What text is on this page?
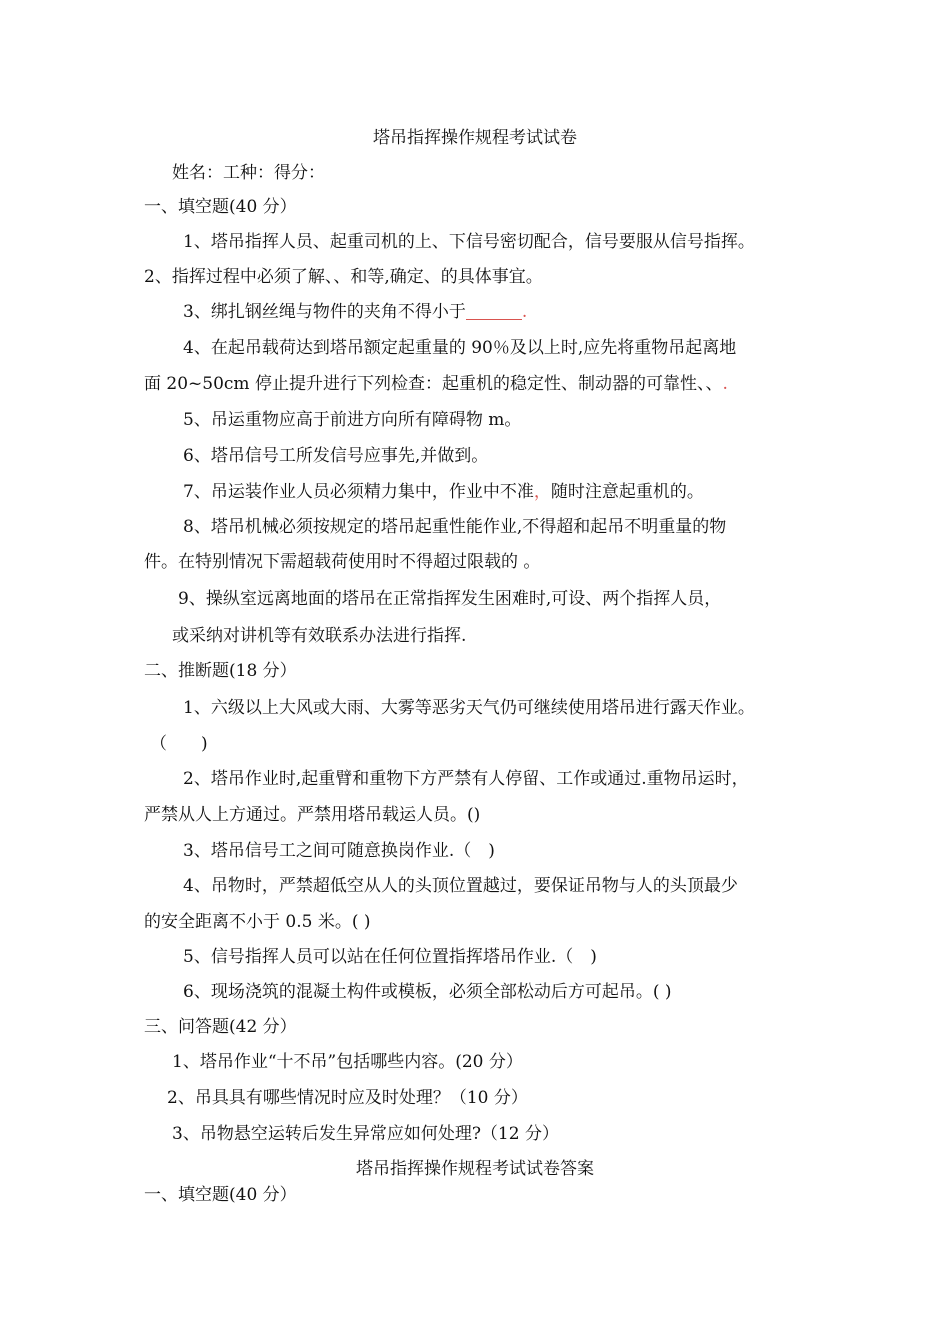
塔吊指挥操作规程考试试卷
姓名：工种：得分：
一、填空题(40 分）
1、塔吊指挥人员、起重司机的上、下信号密切配合，信号要服从信号指挥。
2、指挥过程中必须了解、、和等,确定、的具体事宜。
3、绑扎钢丝绳与物件的夹角不得小于	.
4、在起吊载荷达到塔吊额定起重量的 90％及以上时,应先将重物吊起离地
面 20~50cm 停止提升进行下列检查：起重机的稳定性、制动器的可靠性、、.
5、吊运重物应高于前进方向所有障碍物 m。
6、塔吊信号工所发信号应事先,并做到。
7、吊运装作业人员必须精力集中，作业中不准，随时注意起重机的。
8、塔吊机械必须按规定的塔吊起重性能作业,不得超和起吊不明重量的物
件。在特别情况下需超载荷使用时不得超过限载的 。
9、操纵室远离地面的塔吊在正常指挥发生困难时,可设、两个指挥人员，
或采纳对讲机等有效联系办法进行指挥.
二、推断题(18 分）
1、六级以上大风或大雨、大雾等恶劣天气仍可继续使用塔吊进行露天作业。
（　　)
2、塔吊作业时,起重臂和重物下方严禁有人停留、工作或通过.重物吊运时，
严禁从人上方通过。严禁用塔吊载运人员。()
3、塔吊信号工之间可随意换岗作业.（　)
4、吊物时，严禁超低空从人的头顶位置越过，要保证吊物与人的头顶最少
的安全距离不小于 0.5 米。( )
5、信号指挥人员可以站在任何位置指挥塔吊作业.（　)
6、现场浇筑的混凝土构件或模板，必须全部松动后方可起吊。( )
三、问答题(42 分）
1、塔吊作业“十不吊”包括哪些内容。(20 分）
2、吊具具有哪些情况时应及时处理？（10 分）
3、吊物悬空运转后发生异常应如何处理?（12 分）
塔吊指挥操作规程考试试卷答案
一、填空题(40 分）
